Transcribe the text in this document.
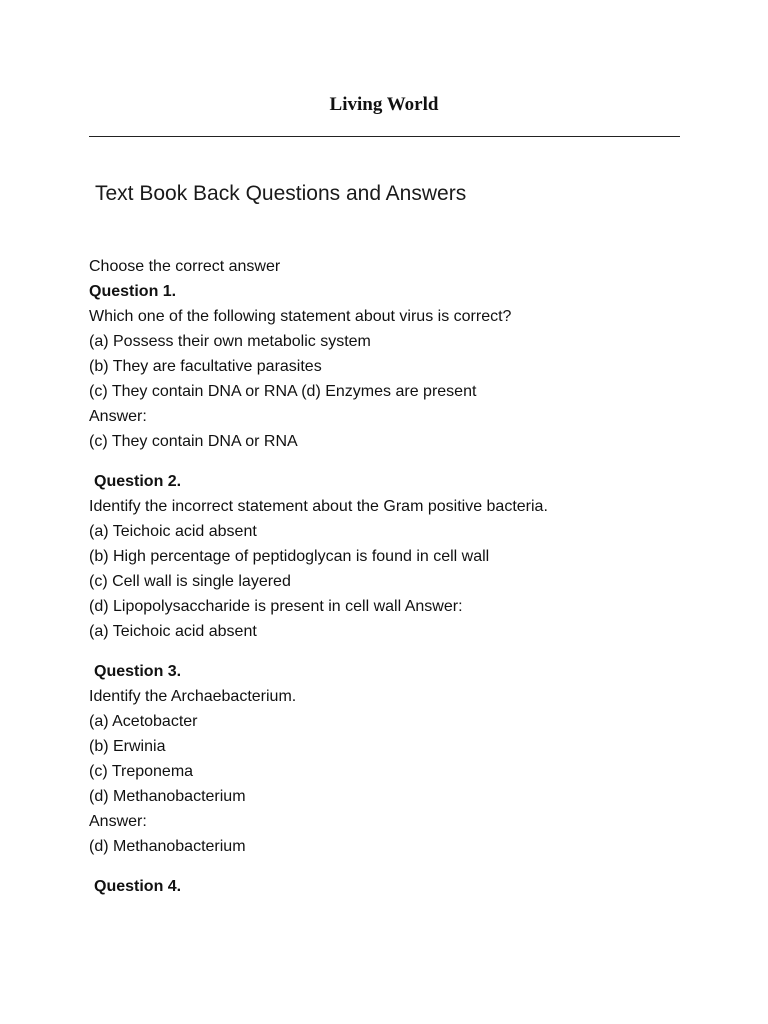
Living World
Text Book Back Questions and Answers
Choose the correct answer
Question 1.
Which one of the following statement about virus is correct?
(a) Possess their own metabolic system
(b) They are facultative parasites
(c) They contain DNA or RNA (d) Enzymes are present
Answer:
(c) They contain DNA or RNA
Question 2.
Identify the incorrect statement about the Gram positive bacteria.
(a) Teichoic acid absent
(b) High percentage of peptidoglycan is found in cell wall
(c) Cell wall is single layered
(d) Lipopolysaccharide is present in cell wall Answer:
(a) Teichoic acid absent
Question 3.
Identify the Archaebacterium.
(a) Acetobacter
(b) Erwinia
(c) Treponema
(d) Methanobacterium
Answer:
(d) Methanobacterium
Question 4.
